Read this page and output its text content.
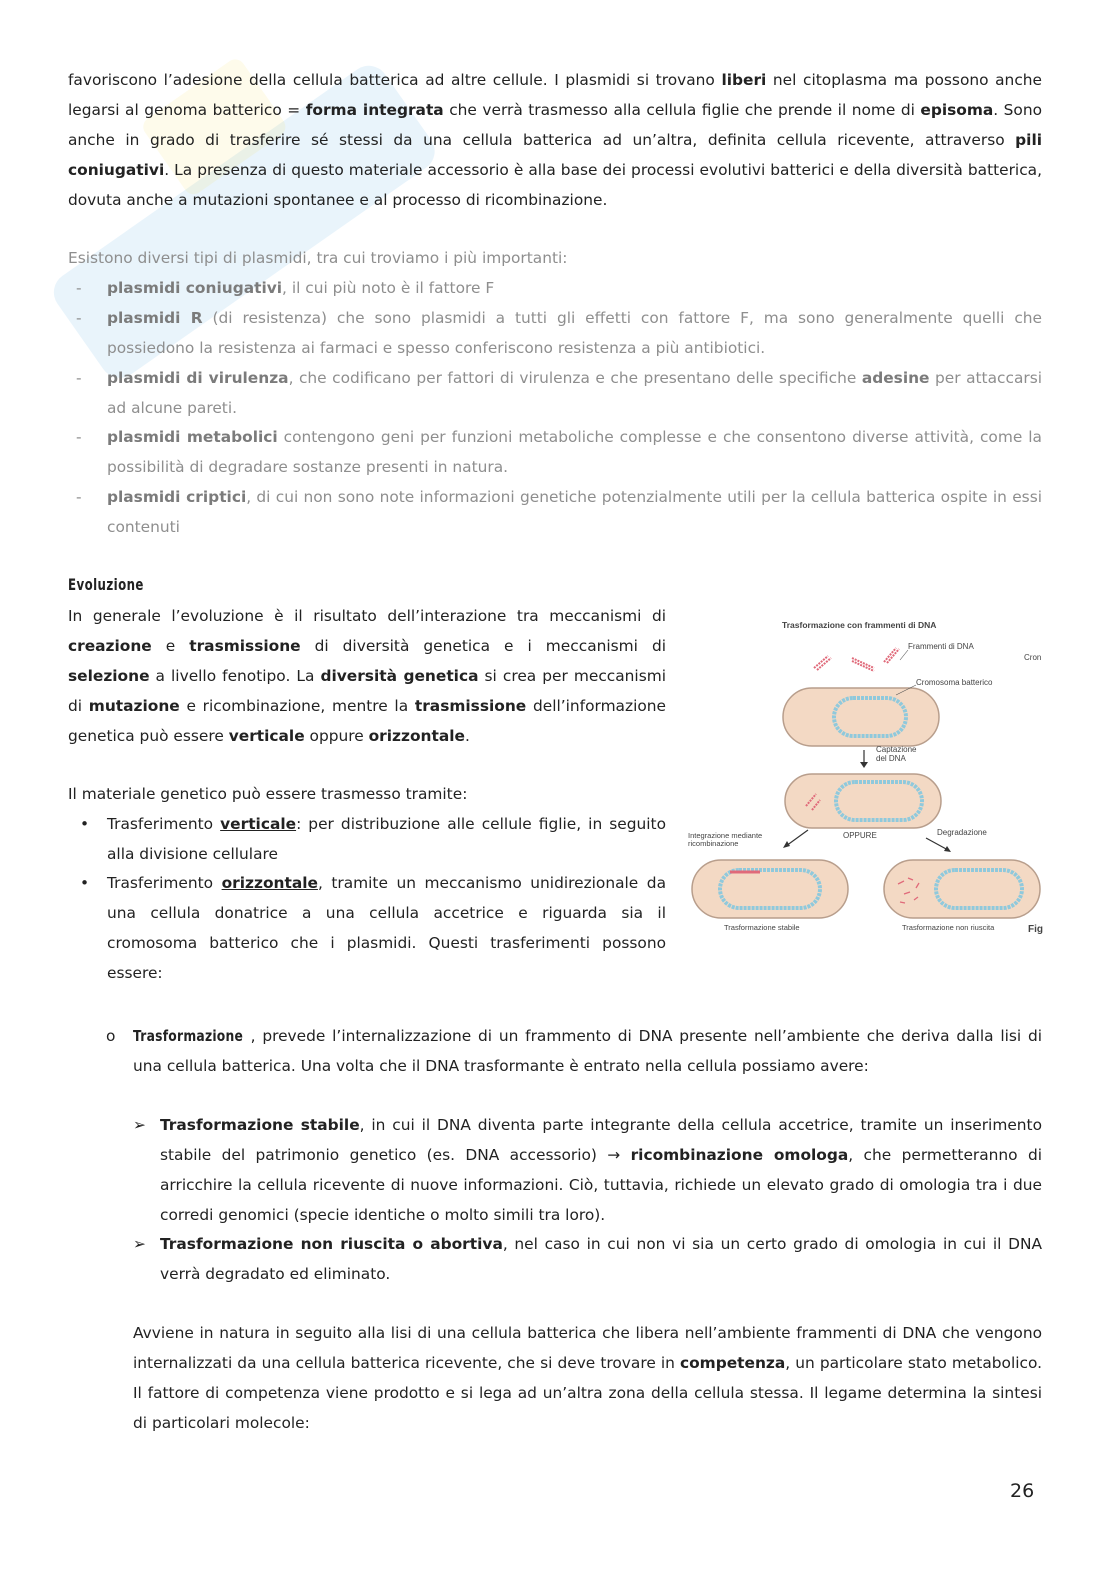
favoriscono l’adesione della cellula batterica ad altre cellule. I plasmidi si trovano liberi nel citoplasma ma possono anche legarsi al genoma batterico = forma integrata che verrà trasmesso alla cellula figlie che prende il nome di episoma. Sono anche in grado di trasferire sé stessi da una cellula batterica ad un’altra, definita cellula ricevente, attraverso pili coniugativi. La presenza di questo materiale accessorio è alla base dei processi evolutivi batterici e della diversità batterica, dovuta anche a mutazioni spontanee e al processo di ricombinazione.

Esistono diversi tipi di plasmidi, tra cui troviamo i più importanti:

- plasmidi coniugativi, il cui più noto è il fattore F
- plasmidi R (di resistenza) che sono plasmidi a tutti gli effetti con fattore F, ma sono generalmente quelli che possiedono la resistenza ai farmaci e spesso conferiscono resistenza a più antibiotici.
- plasmidi di virulenza, che codificano per fattori di virulenza e che presentano delle specifiche adesine per attaccarsi ad alcune pareti.
- plasmidi metabolici contengono geni per funzioni metaboliche complesse e che consentono diverse attività, come la possibilità di degradare sostanze presenti in natura.
- plasmidi criptici, di cui non sono note informazioni genetiche potenzialmente utili per la cellula batterica ospite in essi contenuti
Evoluzione
In generale l’evoluzione è il risultato dell’interazione tra meccanismi di creazione e trasmissione di diversità genetica e i meccanismi di selezione a livello fenotipo. La diversità genetica si crea per meccanismi di mutazione e ricombinazione, mentre la trasmissione dell’informazione genetica può essere verticale oppure orizzontale.
Il materiale genetico può essere trasmesso tramite:
• Trasferimento verticale: per distribuzione alle cellule figlie, in seguito alla divisione cellulare
• Trasferimento orizzontale, tramite un meccanismo unidirezionale da una cellula donatrice a una cellula accetrice e riguarda sia il cromosoma batterico che i plasmidi. Questi trasferimenti possono essere:
Trasformazione con frammenti di DNA
Frammenti di DNA
Cron
Cromosoma batterico
Captazione
del DNA
Integrazione mediante
ricombinazione
OPPURE	Degradazione
Trasformazione stabile	Trasformazione non riuscita	Fig
o Trasformazione , prevede l’internalizzazione di un frammento di DNA presente nell’ambiente che deriva dalla lisi di una cellula batterica. Una volta che il DNA trasformante è entrato nella cellula possiamo avere:
➢ Trasformazione stabile, in cui il DNA diventa parte integrante della cellula accetrice, tramite un inserimento stabile del patrimonio genetico (es. DNA accessorio) → ricombinazione omologa, che permetteranno di arricchire la cellula ricevente di nuove informazioni. Ciò, tuttavia, richiede un elevato grado di omologia tra i due corredi genomici (specie identiche o molto simili tra loro).
➢ Trasformazione non riuscita o abortiva, nel caso in cui non vi sia un certo grado di omologia in cui il DNA verrà degradato ed eliminato.
Avviene in natura in seguito alla lisi di una cellula batterica che libera nell’ambiente frammenti di DNA che vengono internalizzati da una cellula batterica ricevente, che si deve trovare in competenza, un particolare stato metabolico. Il fattore di competenza viene prodotto e si lega ad un’altra zona della cellula stessa. Il legame determina la sintesi di particolari molecole:
26
